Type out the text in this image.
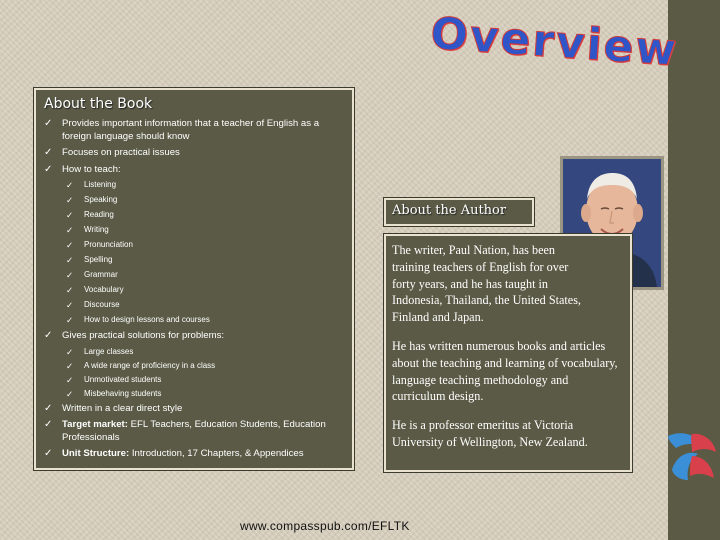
Overview
About the Book
✓ Provides important information that a teacher of English as a foreign language should know
✓ Focuses on practical issues
✓ How to teach:
✓ Listening
✓ Speaking
✓ Reading
✓ Writing
✓ Pronunciation
✓ Spelling
✓ Grammar
✓ Vocabulary
✓ Discourse
✓ How to design lessons and courses
✓ Gives practical solutions for problems:
✓ Large classes
✓ A wide range of proficiency in a class
✓ Unmotivated students
✓ Misbehaving students
✓ Written in a clear direct style
✓ Target market: EFL Teachers, Education Students, Education Professionals
✓ Unit Structure: Introduction, 17 Chapters, & Appendices
About the Author

The writer, Paul Nation, has been training teachers of English for over forty years, and he has taught in Indonesia, Thailand, the United States, Finland and Japan.

He has written numerous books and articles about the teaching and learning of vocabulary, language teaching methodology and curriculum design.

He is a professor emeritus at Victoria University of Wellington, New Zealand.

www.compasspub.com/EFLTK
